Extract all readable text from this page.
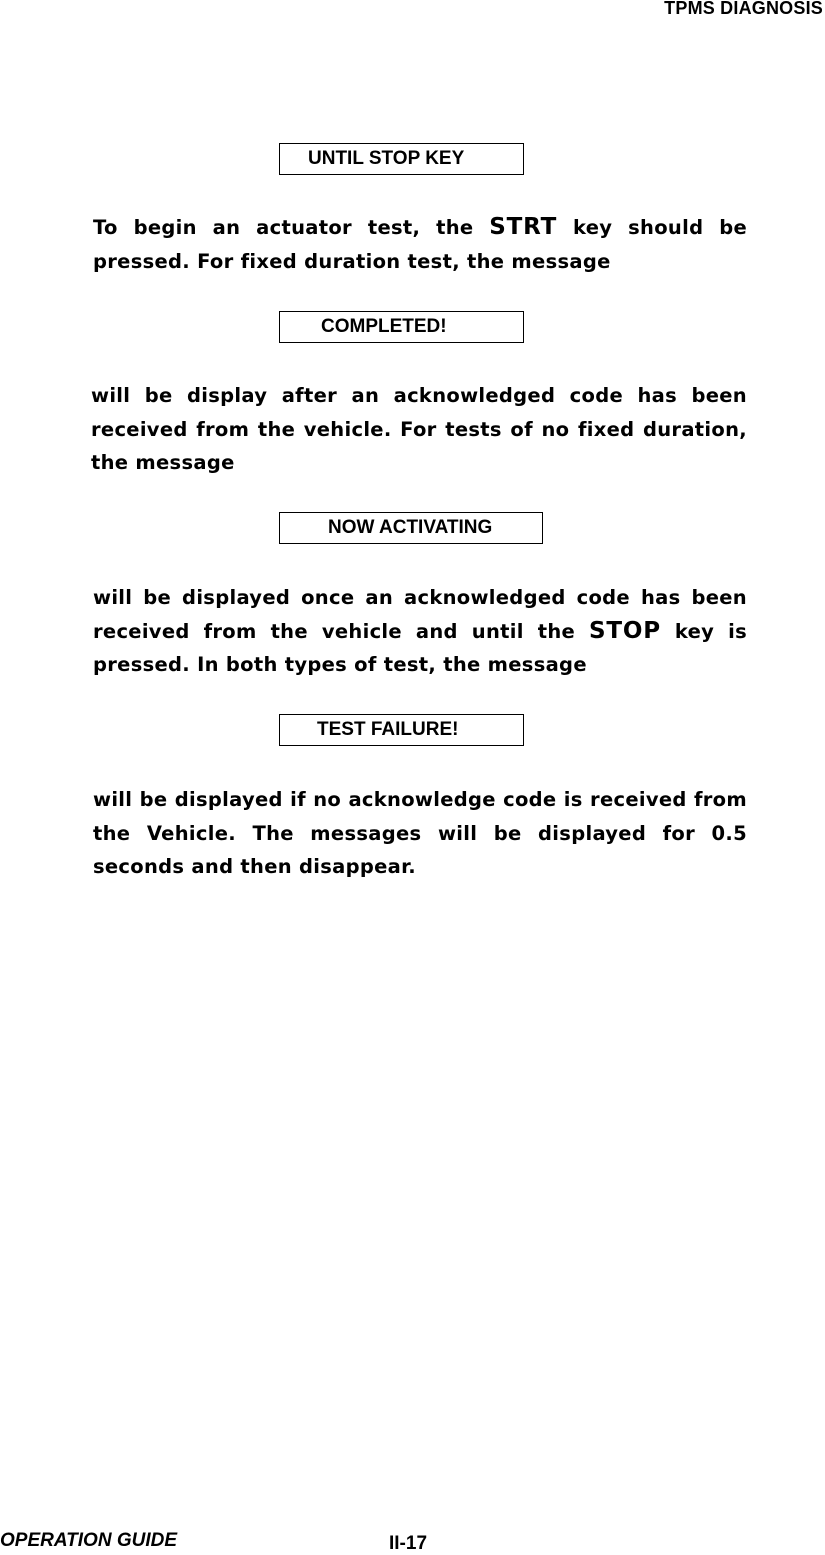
TPMS DIAGNOSIS
UNTIL STOP KEY
To begin an actuator test, the STRT key should be pressed. For fixed duration test, the message
COMPLETED!
will be display after an acknowledged code has been received from the vehicle. For tests of no fixed duration, the message
NOW ACTIVATING
will be displayed once an acknowledged code has been received from the vehicle and until the STOP key is pressed. In both types of test, the message
TEST FAILURE!
will be displayed if no acknowledge code is received from the Vehicle. The messages will be displayed for 0.5 seconds and then disappear.
OPERATION GUIDE	II-17
